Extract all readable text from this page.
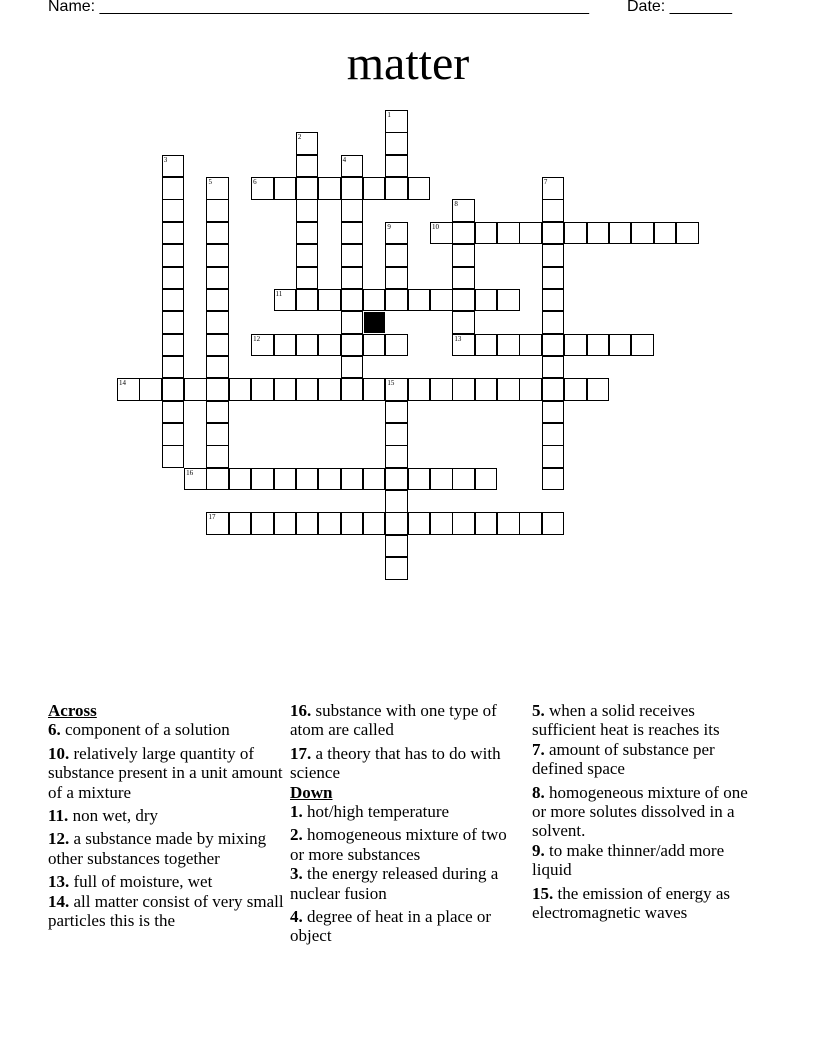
Name: _______________________________________________________ Date: _______
matter
1
2
3	4
5	6	7
8
9	10
11
12	13
14	15
16
17

Across

6. component of a solution
10. relatively large quantity of substance present in a unit amount of a mixture
11. non wet, dry
12. a substance made by mixing other substances together
13. full of moisture, wet
14. all matter consist of very small particles this is the
16. substance with one type of atom are called
17. a theory that has to do with science

Down

1. hot/high temperature
2. homogeneous mixture of two or more substances
3. the energy released during a nuclear fusion
4. degree of heat in a place or object
5. when a solid receives sufficient heat is reaches its
7. amount of substance per defined space
8. homogeneous mixture of one or more solutes dissolved in a solvent.
9. to make thinner/add more liquid
15. the emission of energy as electromagnetic waves
